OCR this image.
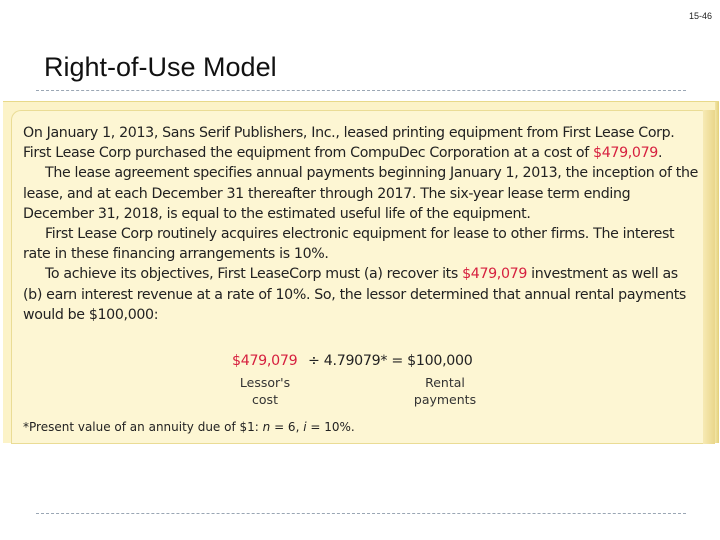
15-46
Right-of-Use Model

On January 1, 2013, Sans Serif Publishers, Inc., leased printing equipment from First Lease Corp. First Lease Corp purchased the equipment from CompuDec Corporation at a cost of $479,079.

The lease agreement specifies annual payments beginning January 1, 2013, the inception of the lease, and at each December 31 thereafter through 2017. The six-year lease term ending December 31, 2018, is equal to the estimated useful life of the equipment.

First Lease Corp routinely acquires electronic equipment for lease to other firms. The interest rate in these financing arrangements is 10%.

To achieve its objectives, First LeaseCorp must (a) recover its $479,079 investment as well as (b) earn interest revenue at a rate of 10%. So, the lessor determined that annual rental payments would be $100,000:

$479,079 ÷ 4.79079* = $100,000
Lessor's
cost
Rental
payments
*Present value of an annuity due of $1: n = 6, i = 10%.
